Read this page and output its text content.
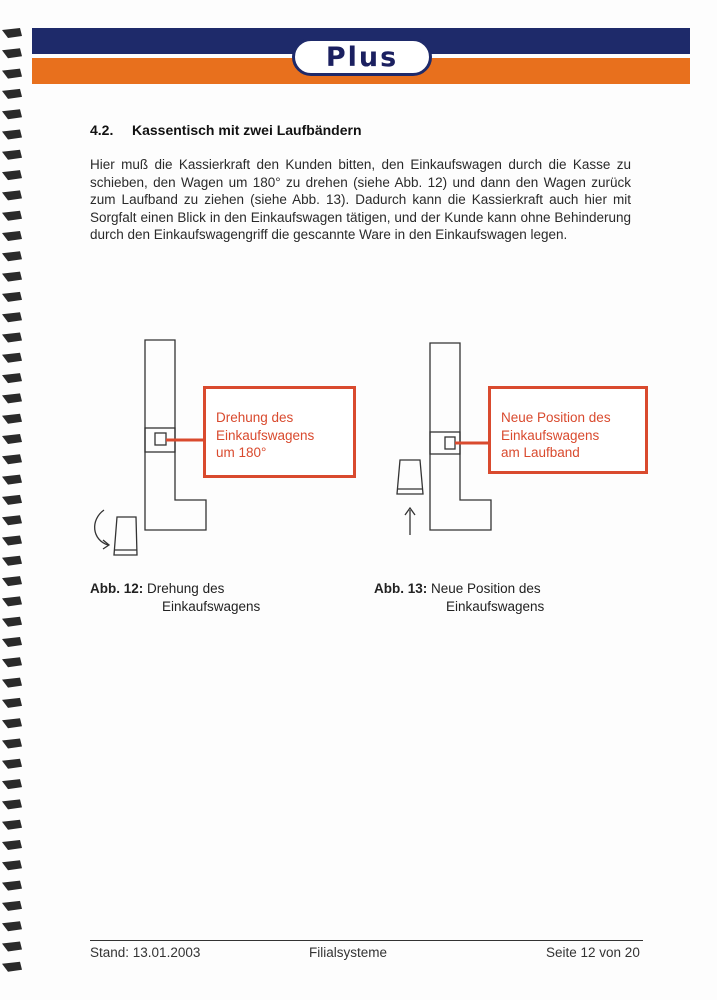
Plus
4.2. Kassentisch mit zwei Laufbändern
Hier muß die Kassierkraft den Kunden bitten, den Einkaufswagen durch die Kasse zu schieben, den Wagen um 180° zu drehen (siehe Abb. 12) und dann den Wagen zurück zum Laufband zu ziehen (siehe Abb. 13). Dadurch kann die Kassierkraft auch hier mit Sorgfalt einen Blick in den Einkaufswagen tätigen, und der Kunde kann ohne Behinderung durch den Einkaufswagengriff die gescannte Ware in den Einkaufswagen legen.
Drehung des
Einkaufswagens
um 180°
Neue Position des
Einkaufswagens
am Laufband
Abb. 12: Drehung des
Einkaufswagens
Abb. 13: Neue Position des
Einkaufswagens
Stand: 13.01.2003	Filialsysteme	Seite 12 von 20
